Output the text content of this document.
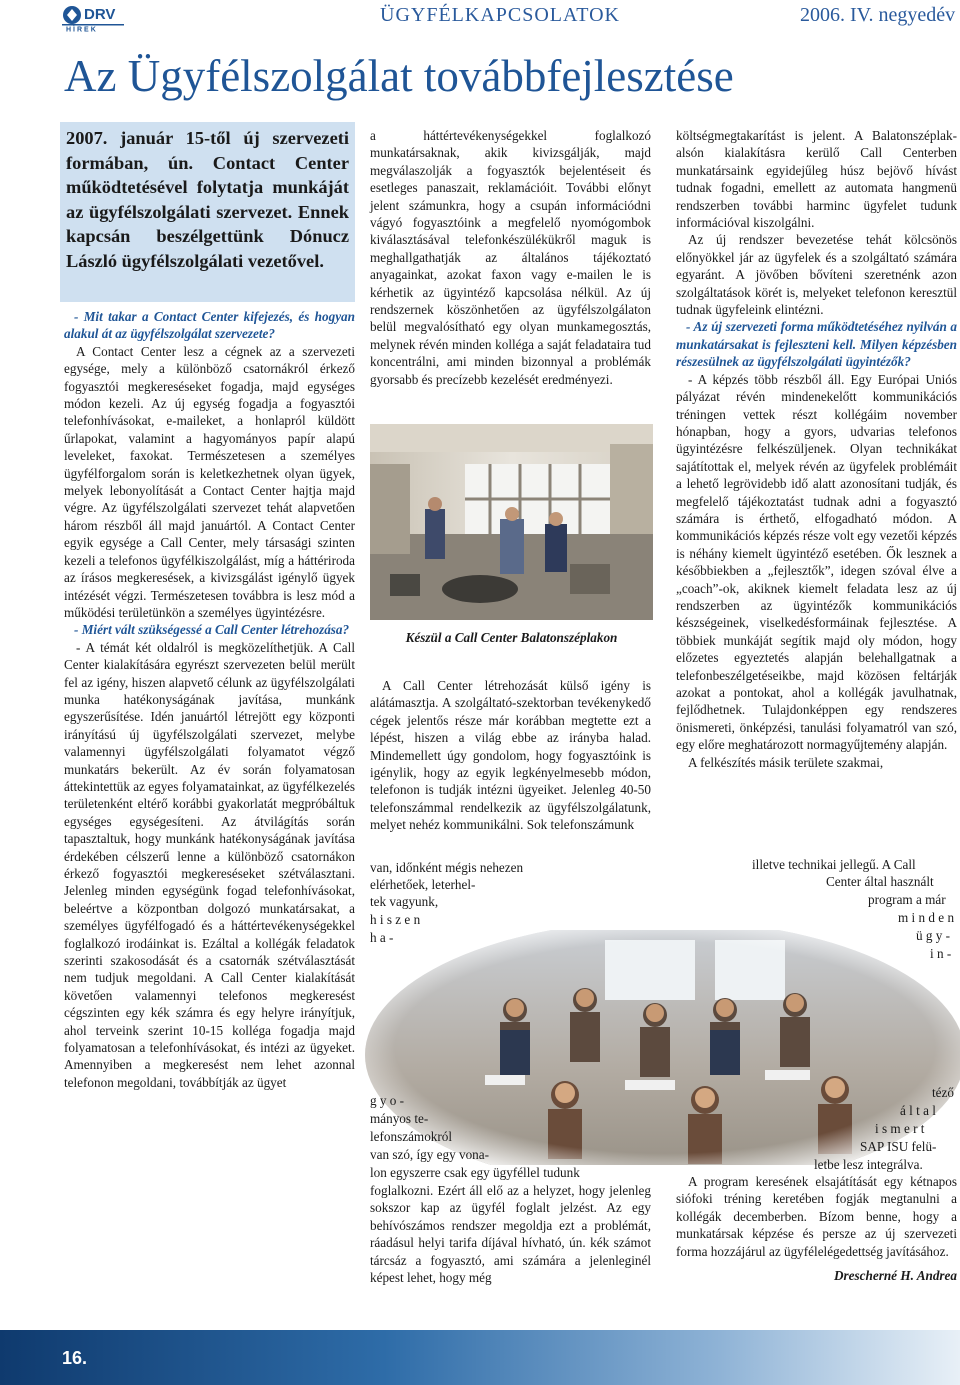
DRV
HÍREK
ÜGYFÉLKAPCSOLATOK	2006. IV. negyedév
Az Ügyfélszolgálat továbbfejlesztése
2007. január 15-től új szervezeti formában, ún. Contact Center működtetésével folytatja munkáját az ügyfélszolgálati szervezet. Ennek kapcsán beszélgettünk Dónucz László ügyfélszolgálati vezetővel.

- Mit takar a Contact Center kifejezés, és hogyan alakul át az ügyfélszolgálat szervezete?

A Contact Center lesz a cégnek az a szervezeti egysége, mely a különböző csatornákról érkező fogyasztói megkereséseket fogadja, majd egységes módon kezeli. Az új egység fogadja a fogyasztói telefonhívásokat, e-maileket, a honlapról küldött űrlapokat, valamint a hagyományos papír alapú leveleket, faxokat. Természetesen a személyes ügyfélforgalom során is keletkezhetnek olyan ügyek, melyek lebonyolítását a Contact Center hajtja majd végre. Az ügyfélszolgálati szervezet tehát alapvetően három részből áll majd januártól. A Contact Center egyik egysége a Call Center, mely társasági szinten kezeli a telefonos ügyfélkiszolgálást, míg a háttériroda az írásos megkeresések, a kivizsgálást igénylő ügyek intézését végzi. Természetesen továbbra is lesz mód a működési területünkön a személyes ügyintézésre.

- Miért vált szükségessé a Call Center létrehozása?

- A témát két oldalról is megközelíthetjük. A Call Center kialakítására egyrészt szervezeten belül merült fel az igény, hiszen alapvető célunk az ügyfélszolgálati munka hatékonyságának javítása, munkánk egyszerűsítése. Idén januártól létrejött egy központi irányítású új ügyfélszolgálati szervezet, melybe valamennyi ügyfélszolgálati folyamatot végző munkatárs bekerült. Az év során folyamatosan áttekintettük az egyes folyamatainkat, az ügyfélkezelés területenként eltérő korábbi gyakorlatát megpróbáltuk egységes egységesíteni. Az átvilágítás során tapasztaltuk, hogy munkánk hatékonyságának javítása érdekében célszerű lenne a különböző csatornákon érkező fogyasztói megkereséseket szétválasztani. Jelenleg minden egységünk fogad telefonhívásokat, beleértve a központban dolgozó munkatársakat, a személyes ügyfélfogadó és a háttértevékenységekkel foglalkozó irodáinkat is. Ezáltal a kollégák feladatok szerinti szakosodását és a csatornák szétválasztását nem tudjuk megoldani. A Call Center kialakítását követően valamennyi telefonos megkeresést cégszinten egy kék számra és egy helyre irányítjuk, ahol terveink szerint 10-15 kolléga fogadja majd folyamatosan a telefonhívásokat, és intézi az ügyeket. Amennyiben a megkeresést nem lehet azonnal telefonon megoldani, továbbítják az ügyet

a háttértevékenységekkel foglalkozó munkatársaknak, akik kivizsgálják, majd megválaszolják a fogyasztók bejelentéseit és esetleges panaszait, reklamációit. További előnyt jelent számunkra, hogy a csupán információdni vágyó fogyasztóink a megfelelő nyomógombok kiválasztásával telefonkészülékükről maguk is meghallgathatják az általános tájékoztató anyagainkat, azokat faxon vagy e-mailen le is kérhetik az ügyintéző kapcsolása nélkül. Az új rendszernek köszönhetően az ügyfélszolgálaton belül megvalósítható egy olyan munkamegosztás, melynek révén minden kolléga a saját feladataira tud koncentrálni, ami minden bizonnyal a problémák gyorsabb és precízebb kezelését eredményezi.

Készül a Call Center Balatonszéplakon

A Call Center létrehozását külső igény is alátámasztja. A szolgáltató-szektorban tevékenykedő cégek jelentős része már korábban megtette ezt a lépést, hiszen a világ ebbe az irányba halad. Mindemellett úgy gondolom, hogy fogyasztóink is igénylik, hogy az egyik legkényelmesebb módon, telefonon is tudják intézni ügyeiket. Jelenleg 40-50 telefonszámmal rendelkezik az ügyfélszolgálatunk, melyet nehéz kommunikálni. Sok telefonszámunk

van, időnként mégis nehezen
elérhetőek, leterhel-
tek vagyunk,
h i s z e n
h a -
g y o -
mányos te-
lefonszámokról
van szó, így egy vona-
lon egyszerre csak egy ügyféllel tudunk

foglalkozni. Ezért áll elő az a helyzet, hogy jelenleg sokszor kap az ügyfél foglalt jelzést. Az egy behívószámos rendszer megoldja ezt a problémát, ráadásul helyi tarifa díjával hívható, ún. kék számot tárcsáz a fogyasztó, ami számára a jelenleginél képest lehet, hogy még

költségmegtakarítást is jelent. A Balatonszéplak-alsón kialakításra kerülő Call Centerben munkatársaink egyidejűleg húsz bejövő hívást tudnak fogadni, emellett az automata hangmenü rendszerben további harminc ügyfelet tudunk információval kiszolgálni.

Az új rendszer bevezetése tehát kölcsönös előnyökkel jár az ügyfelek és a szolgáltató számára egyaránt. A jövőben bővíteni szeretnénk azon szolgáltatások körét is, melyeket telefonon keresztül tudnak ügyfeleink elintézni.

- Az új szervezeti forma működtetéséhez nyilván a munkatársakat is fejleszteni kell. Milyen képzésben részesülnek az ügyfélszolgálati ügyintézők?

- A képzés több részből áll. Egy Európai Uniós pályázat révén mindenekelőtt kommunikációs tréningen vettek részt kollégáim november hónapban, hogy a gyors, udvarias telefonos ügyintézésre felkészüljenek. Olyan technikákat sajátítottak el, melyek révén az ügyfelek problémáit a lehető legrövidebb idő alatt azonosítani tudják, és megfelelő tájékoztatást tudnak adni a fogyasztó számára is érthető, elfogadható módon. A kommunikációs képzés része volt egy vezetői képzés is néhány kiemelt ügyintéző esetében. Ők lesznek a későbbiekben a „fejlesztők”, idegen szóval élve a „coach”-ok, akiknek kiemelt feladata lesz az új rendszerben az ügyintézők kommunikációs készségeinek, viselkedésformáinak fejlesztése. A többiek munkáját segítik majd oly módon, hogy előzetes egyeztetés alapján belehallgatnak a telefonbeszélgetéseikbe, majd közösen feltárják azokat a pontokat, ahol a kollégák javulhatnak, fejlődhetnek. Tulajdonképpen egy rendszeres önismereti, önképzési, tanulási folyamatról van szó, egy előre meghatározott normagyűjtemény alapján.

A felkészítés másik területe szakmai,

illetve technikai jellegű. A Call
Center által használt
program a már
m i n d e n
ü g y -
i n -
téző
á l t a l
i s m e r t
SAP ISU felü-
letbe lesz integrálva.

A program keresének elsajátítását egy kétnapos siófoki tréning keretében fogják megtanulni a kollégák decemberben. Bízom benne, hogy a munkatársak képzése és persze az új szervezeti forma hozzájárul az ügyfélelégedettség javításához.

Drescherné H. Andrea
16.
